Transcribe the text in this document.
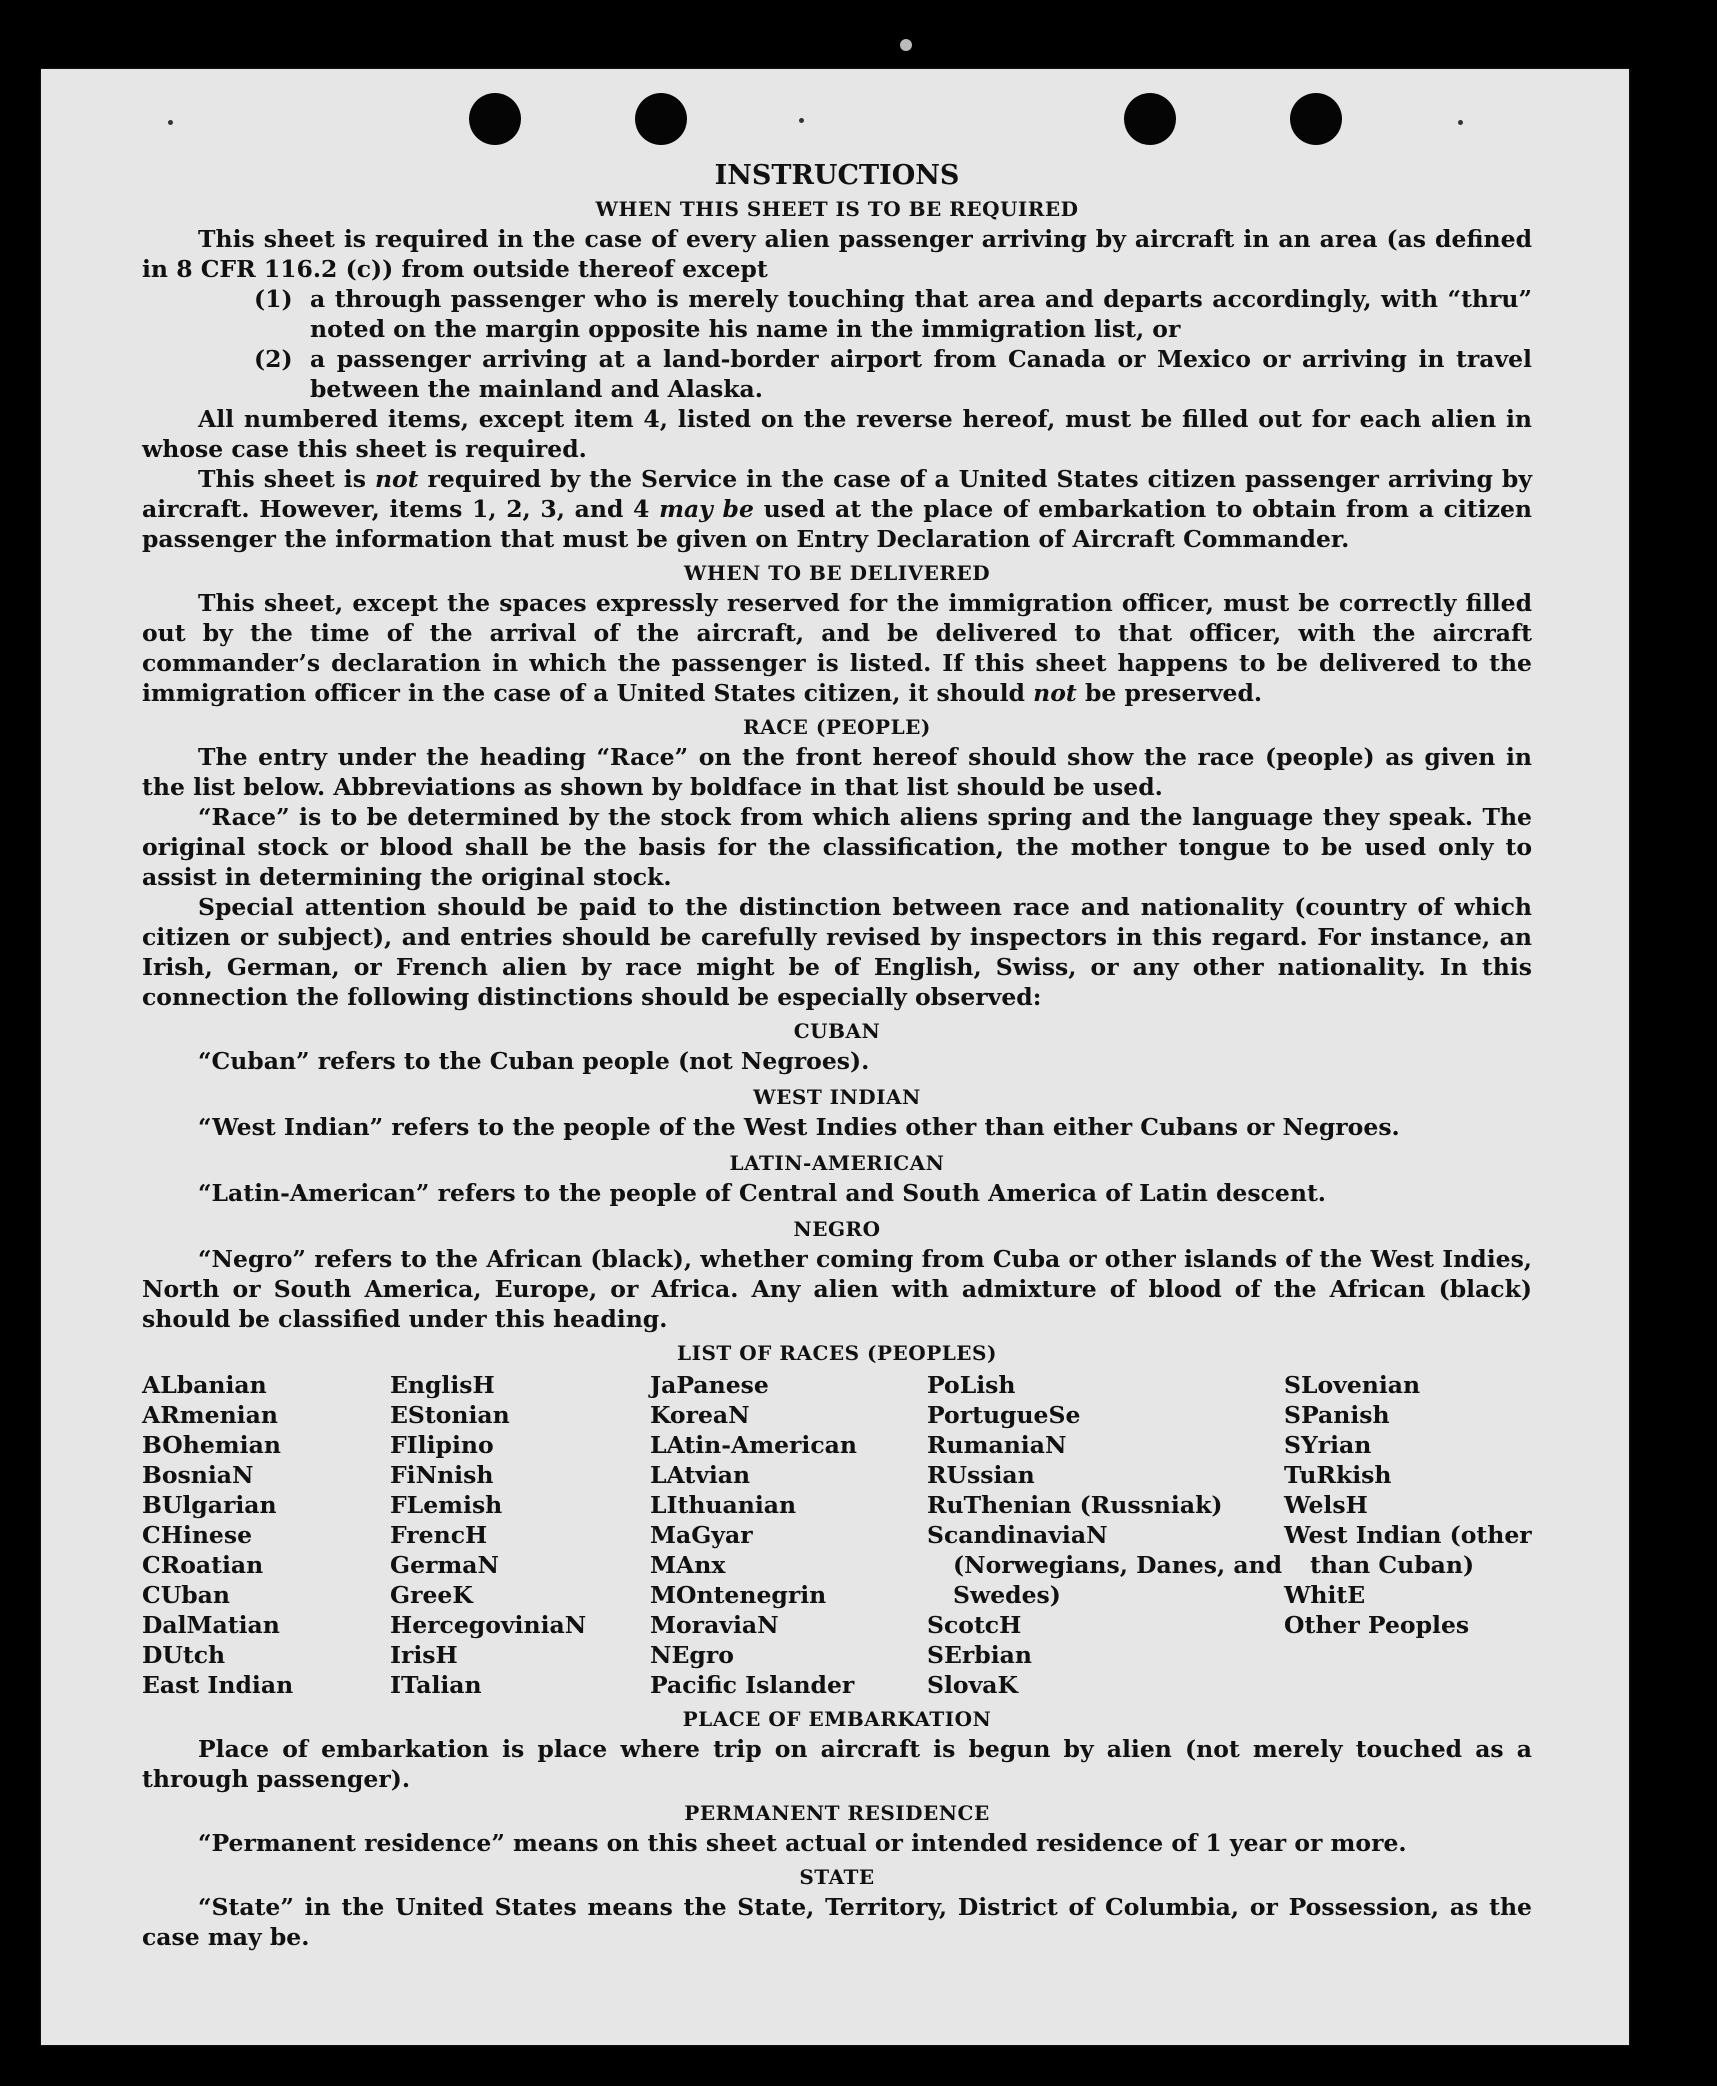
INSTRUCTIONS
WHEN THIS SHEET IS TO BE REQUIRED

This sheet is required in the case of every alien passenger arriving by aircraft in an area (as defined in 8 CFR 116.2 (c)) from outside thereof except

(1) a through passenger who is merely touching that area and departs accordingly, with “thru” noted on the margin opposite his name in the immigration list, or
(2) a passenger arriving at a land-border airport from Canada or Mexico or arriving in travel between the mainland and Alaska.

All numbered items, except item 4, listed on the reverse hereof, must be filled out for each alien in whose case this sheet is required.

This sheet is not required by the Service in the case of a United States citizen passenger arriving by aircraft. However, items 1, 2, 3, and 4 may be used at the place of embarkation to obtain from a citizen passenger the information that must be given on Entry Declaration of Aircraft Commander.

WHEN TO BE DELIVERED

This sheet, except the spaces expressly reserved for the immigration officer, must be correctly filled out by the time of the arrival of the aircraft, and be delivered to that officer, with the aircraft commander’s declaration in which the passenger is listed. If this sheet happens to be delivered to the immigration officer in the case of a United States citizen, it should not be preserved.

RACE (PEOPLE)

The entry under the heading “Race” on the front hereof should show the race (people) as given in the list below. Abbreviations as shown by boldface in that list should be used.

“Race” is to be determined by the stock from which aliens spring and the language they speak. The original stock or blood shall be the basis for the classification, the mother tongue to be used only to assist in determining the original stock.

Special attention should be paid to the distinction between race and nationality (country of which citizen or subject), and entries should be carefully revised by inspectors in this regard. For instance, an Irish, German, or French alien by race might be of English, Swiss, or any other nationality. In this connection the following distinctions should be especially observed:

CUBAN
“Cuban” refers to the Cuban people (not Negroes).
WEST INDIAN
“West Indian” refers to the people of the West Indies other than either Cubans or Negroes.
LATIN-AMERICAN
“Latin-American” refers to the people of Central and South America of Latin descent.
NEGRO

“Negro” refers to the African (black), whether coming from Cuba or other islands of the West Indies, North or South America, Europe, or Africa. Any alien with admixture of blood of the African (black) should be classified under this heading.

LIST OF RACES (PEOPLES)
ALbanian
ARmenian
BOhemian
BosniaN
BUlgarian
CHinese
CRoatian
CUban
DalMatian
DUtch
East Indian
EnglisH
EStonian
FIlipino
FiNnish
FLemish
FrencH
GermaN
GreeK
HercegoviniaN
IrisH
ITalian
JaPanese
KoreaN
LAtin-American
LAtvian
LIthuanian
MaGyar
MAnx
MOntenegrin
MoraviaN
NEgro
Pacific Islander
PoLish
PortugueSe
RumaniaN
RUssian
RuThenian (Russniak)
ScandinaviaN (Norwegians, Danes, and Swedes)
ScotcH
SErbian
SlovaK
SLovenian
SPanish
SYrian
TuRkish
WelsH
West Indian (other than Cuban)
WhitE
Other Peoples
PLACE OF EMBARKATION

Place of embarkation is place where trip on aircraft is begun by alien (not merely touched as a through passenger).

PERMANENT RESIDENCE

“Permanent residence” means on this sheet actual or intended residence of 1 year or more.

STATE

“State” in the United States means the State, Territory, District of Columbia, or Possession, as the case may be.
